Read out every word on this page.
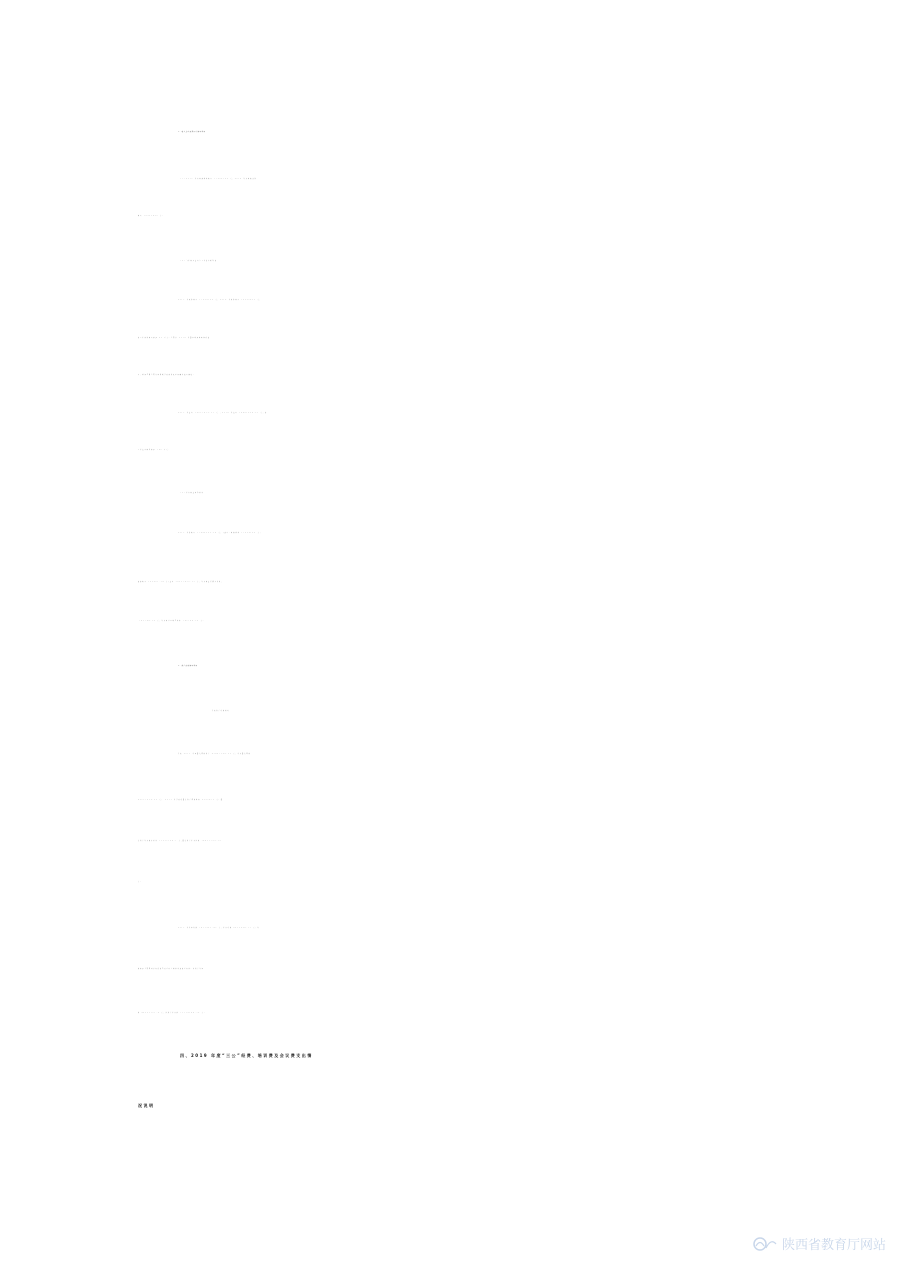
2、收入支出预算执行情况说明
（1）2019 年末财政拨款收入 14505122 元，2018 年末财政决算
收入 15309800 元。
（2）当年收入支出与上年度分析对比
2019 年预算收入 14505122 元，2018 年预算收入 15309800 元，
比上年预算收入减少 80 万元。主要是 2018 年国家增加基础教育投
入，增加金额主要是用提高学校师资队伍和硬件投入建设。
2019 年支出 15094810.91 元 ，2018 年支出 16851536.07 元，比
上年支出相对减少 180 万元.
（3）年末收支结余情况
2019 年总收入 14625323.96 元，(其中：财政拨款 14505122 元；
其他收入 120201.96 元)支出 15094810.91 元，年末收支差额为负数，
-469486.95 元，年末用事业基金弥补 469486.95 元。
3、资产负债情况说明
学校资产负债情况
学校 2019 年初固定原值资产 61654952.33 元，年末固定原值
63994592.33 元； 2019 年学校总固定资产原值增加 2339640 元。固
定资产年末累计折旧 17097158.4 元,固定资产年末净值 46897433.93
元。
2019 年年初负债 4617329.67 元，年末负债 2270538.77 元；负
债减少主要原因是付质保金及应付工程款等其他应付款。净资产年初
数 62339191.8 元，净资产年末数 47112166.45 元。
四、2019 年度“三公”经费、培训费及会议费支出情
况说明
陕西省教育厅网站
